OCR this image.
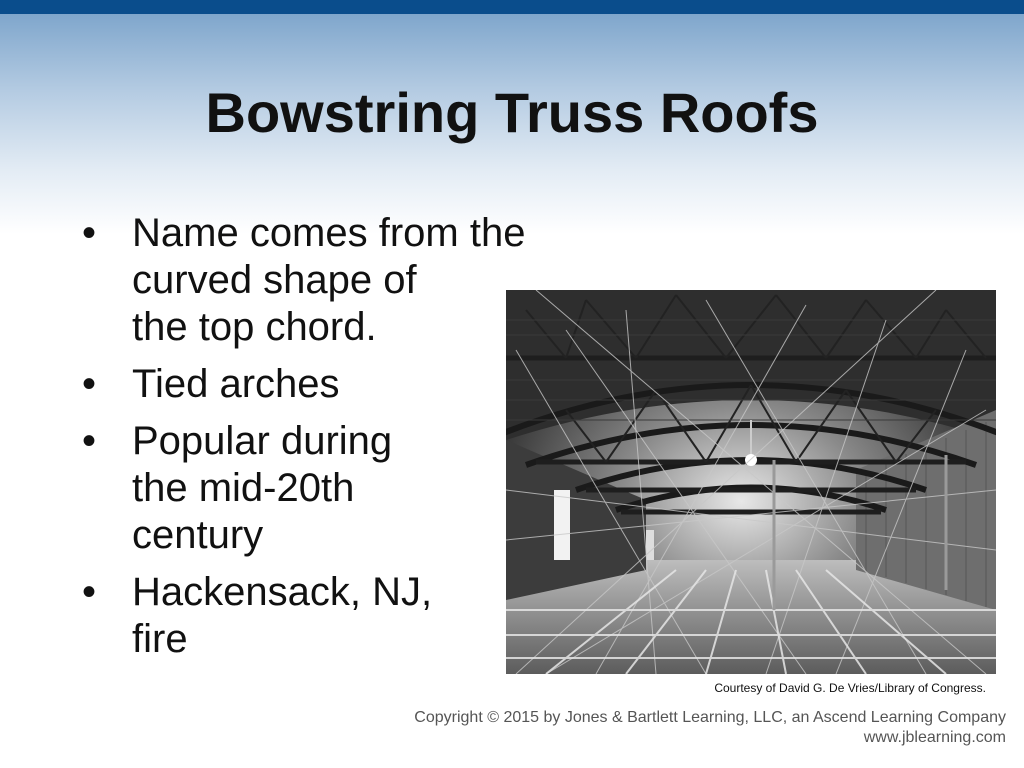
Bowstring Truss Roofs
• Name comes from the
curved shape of
the top chord.
• Tied arches
• Popular during
the mid-20th
century
• Hackensack, NJ,
fire
Courtesy of David G. De Vries/Library of Congress.
Copyright © 2015 by Jones & Bartlett Learning, LLC, an Ascend Learning Company
www.jblearning.com
